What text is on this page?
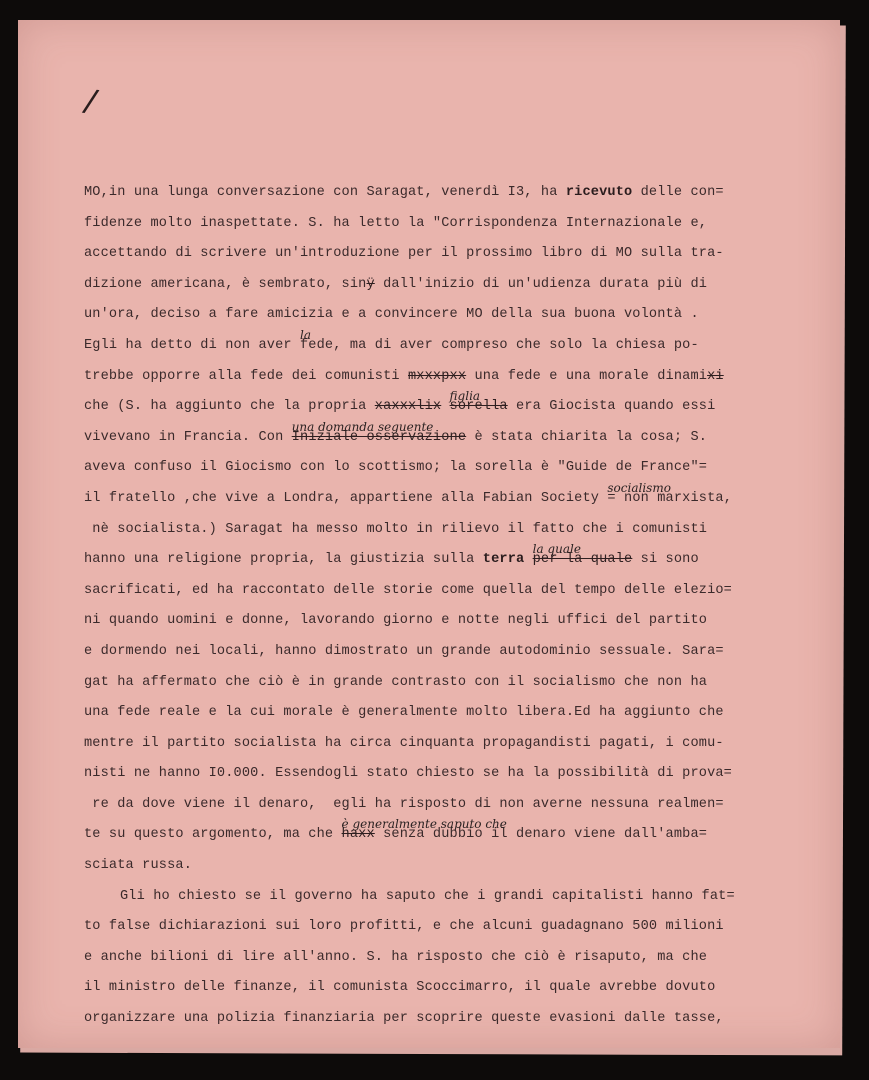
/
MO,in una lunga conversazione con Saragat, venerdì I3, ha ricevuto delle con=
fidenze molto inaspettate. S. ha letto la "Corrispondenza Internazionale e,
accettando di scrivere un'introduzione per il prossimo libro di MO sulla tra-
dizione americana, è sembrato, sinÿ dall'inizio di un'udienza durata più di
un'ora, deciso a fare amicizia e a convincere MO della sua buona volontà .
Egli ha detto di non aver fede
la
, ma di aver compreso che solo la chiesa po-
trebbe opporre alla fede dei comunisti mxxxpxx una fede e una morale dinamixi
che (S. ha aggiunto che la propria xaxxxlix sorella
figlia
era Giocista quando essi
vivevano in Francia. Con Iniziale osservazione
una domanda seguente
è stata chiarita la cosa; S.
aveva confuso il Giocismo con lo scottismo; la sorella è "Guide de France"=
il fratello ,che vive a Londra, appartiene alla Fabian Society =
socialismo
non marxista,
nè socialista.) Saragat ha messo molto in rilievo il fatto che i comunisti
hanno una religione propria, la giustizia sulla terra per la quale
la quale
si sono
sacrificati, ed ha raccontato delle storie come quella del tempo delle elezio=
ni quando uomini e donne, lavorando giorno e notte negli uffici del partito
e dormendo nei locali, hanno dimostrato un grande autodominio sessuale. Sara=
gat ha affermato che ciò è in grande contrasto con il socialismo che non ha
una fede reale e la cui morale è generalmente molto libera.Ed ha aggiunto che
mentre il partito socialista ha circa cinquanta propagandisti pagati, i comu-
nisti ne hanno I0.000. Essendogli stato chiesto se ha la possibilità di prova=
re da dove viene il denaro,  egli ha risposto di non averne nessuna realmen=
te su questo argomento, ma che haxx
è generalmente saputo che
senza dubbio il denaro viene dall'amba=
sciata russa.
Gli ho chiesto se il governo ha saputo che i grandi capitalisti hanno fat=
to false dichiarazioni sui loro profitti, e che alcuni guadagnano 500 milioni
e anche bilioni di lire all'anno. S. ha risposto che ciò è risaputo, ma che
il ministro delle finanze, il comunista Scoccimarro, il quale avrebbe dovuto
organizzare una polizia finanziaria per scoprire queste evasioni dalle tasse,
